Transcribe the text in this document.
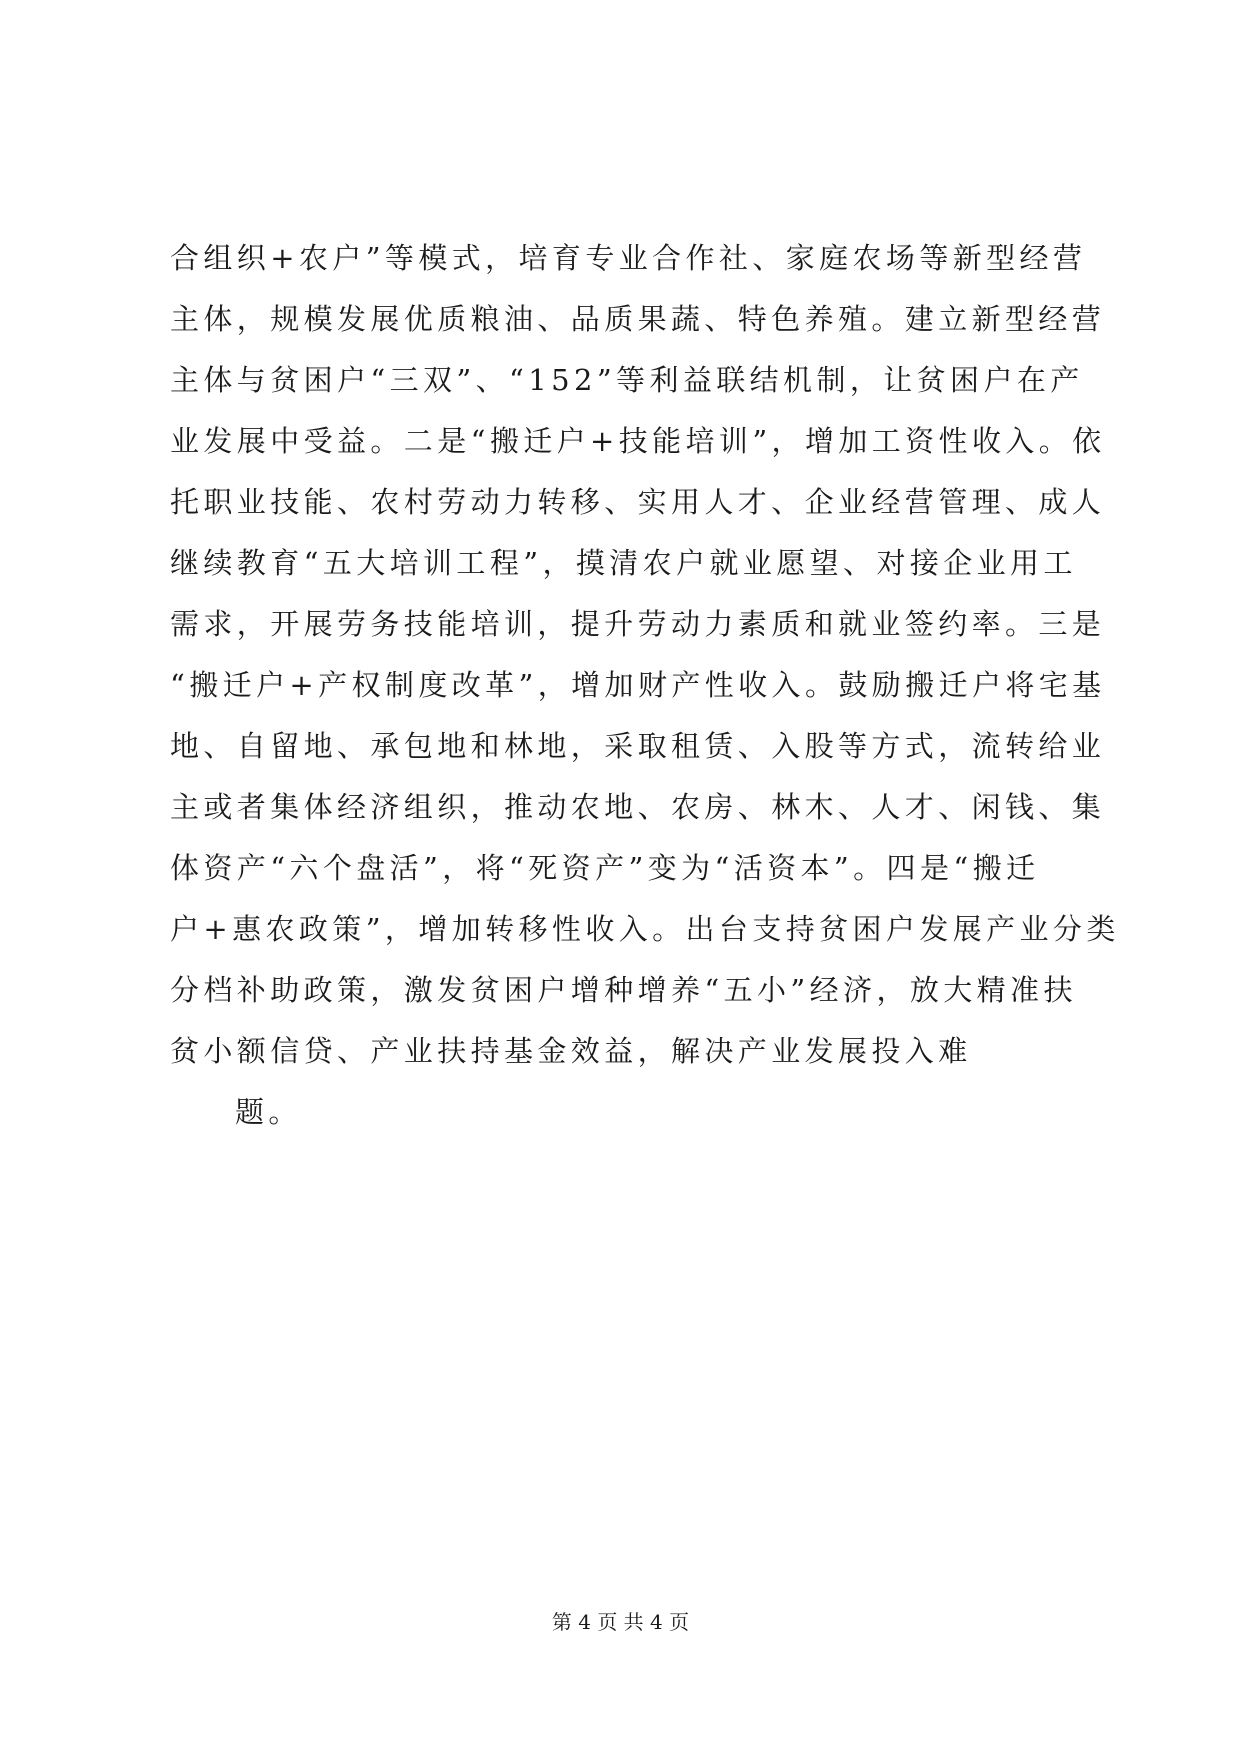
合组织+农户”等模式，培育专业合作社、家庭农场等新型经营
主体，规模发展优质粮油、品质果蔬、特色养殖。建立新型经营
主体与贫困户“三双”、“152”等利益联结机制，让贫困户在产
业发展中受益。二是“搬迁户+技能培训”，增加工资性收入。依
托职业技能、农村劳动力转移、实用人才、企业经营管理、成人
继续教育“五大培训工程”，摸清农户就业愿望、对接企业用工
需求，开展劳务技能培训，提升劳动力素质和就业签约率。三是
“搬迁户+产权制度改革”，增加财产性收入。鼓励搬迁户将宅基
地、自留地、承包地和林地，采取租赁、入股等方式，流转给业
主或者集体经济组织，推动农地、农房、林木、人才、闲钱、集
体资产“六个盘活”，将“死资产”变为“活资本”。四是“搬迁
户+惠农政策”，增加转移性收入。出台支持贫困户发展产业分类
分档补助政策，激发贫困户增种增养“五小”经济，放大精准扶
贫小额信贷、产业扶持基金效益，解决产业发展投入难
题。
第 4 页 共 4 页
